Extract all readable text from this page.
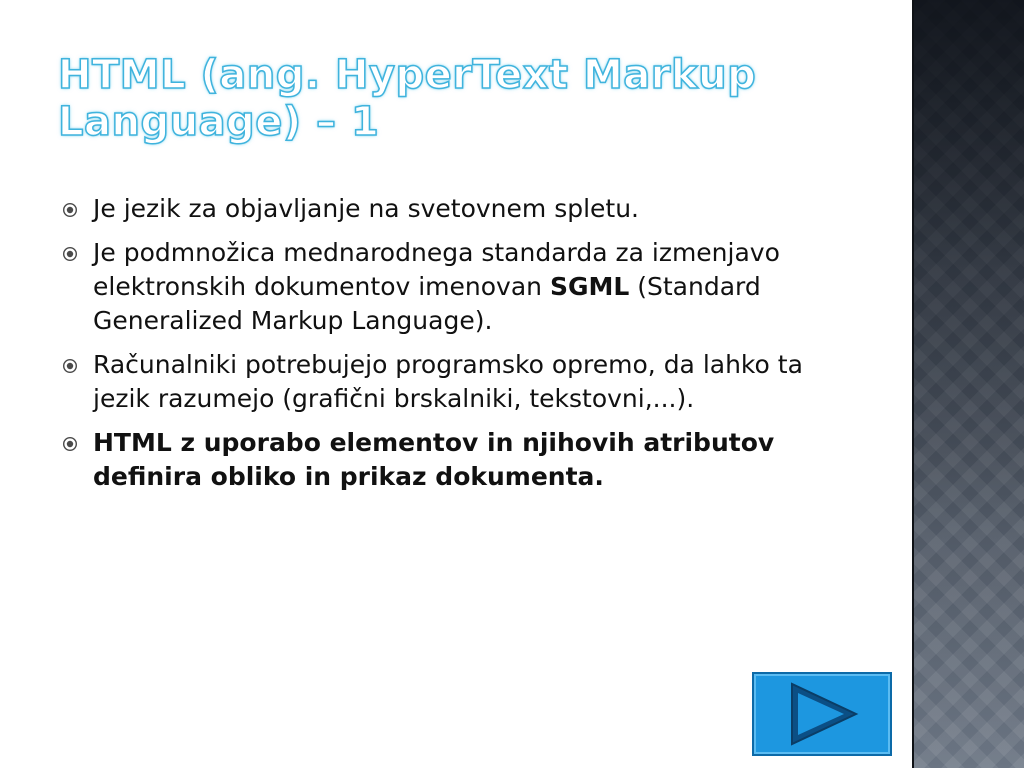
HTML (ang. HyperText Markup
Language) – 1
Je jezik za objavljanje na svetovnem spletu.
Je podmnožica mednarodnega standarda za izmenjavo elektronskih dokumentov imenovan SGML (Standard Generalized Markup Language).
Računalniki potrebujejo programsko opremo, da lahko ta jezik razumejo (grafični brskalniki, tekstovni,...).
HTML z uporabo elementov in njihovih atributov definira obliko in prikaz dokumenta.
